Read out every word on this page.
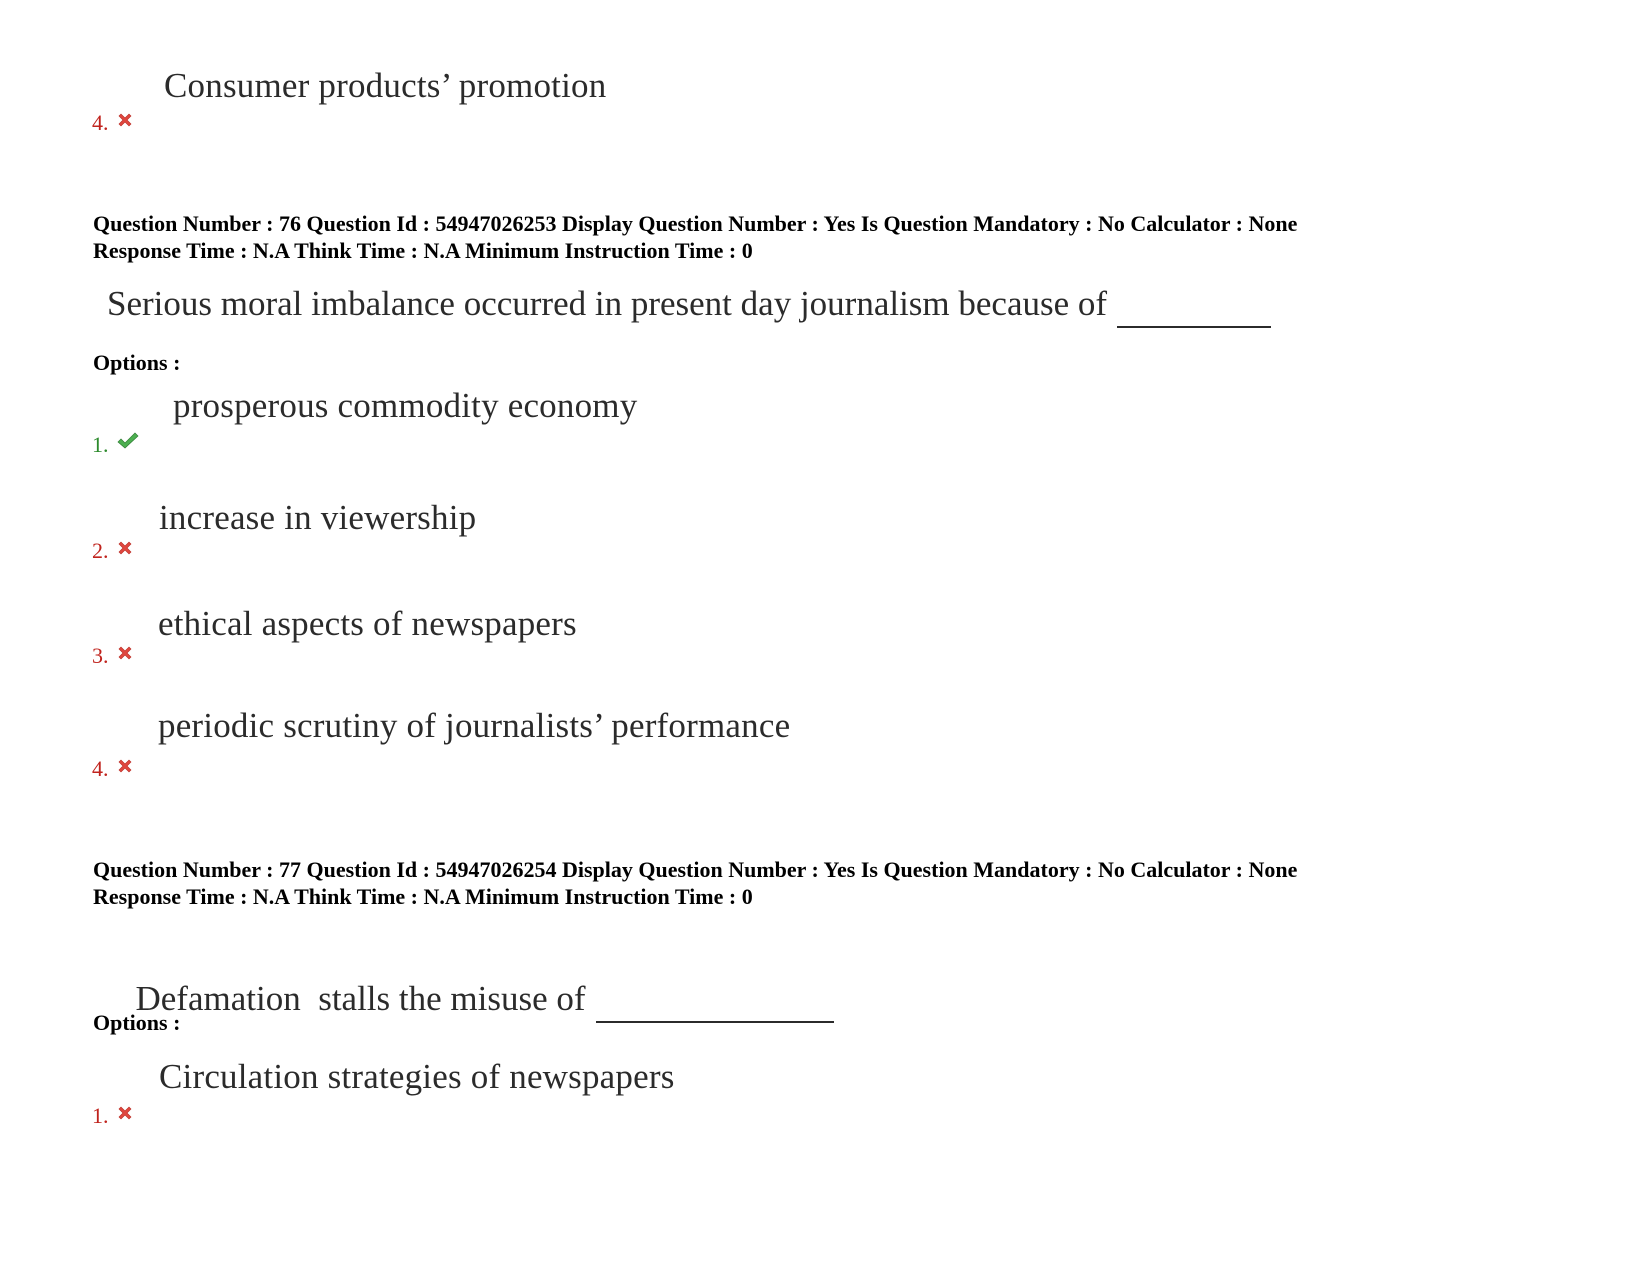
Consumer products’ promotion
4.
Question Number : 76 Question Id : 54947026253 Display Question Number : Yes Is Question Mandatory : No Calculator : None
Response Time : N.A Think Time : N.A Minimum Instruction Time : 0
Serious moral imbalance occurred in present day journalism because of
Options :
prosperous commodity economy
1.
increase in viewership
2.
ethical aspects of newspapers
3.
periodic scrutiny of journalists’ performance
4.
Question Number : 77 Question Id : 54947026254 Display Question Number : Yes Is Question Mandatory : No Calculator : None
Response Time : N.A Think Time : N.A Minimum Instruction Time : 0

Defamation  stalls the misuse of

Options :
Circulation strategies of newspapers
1.
